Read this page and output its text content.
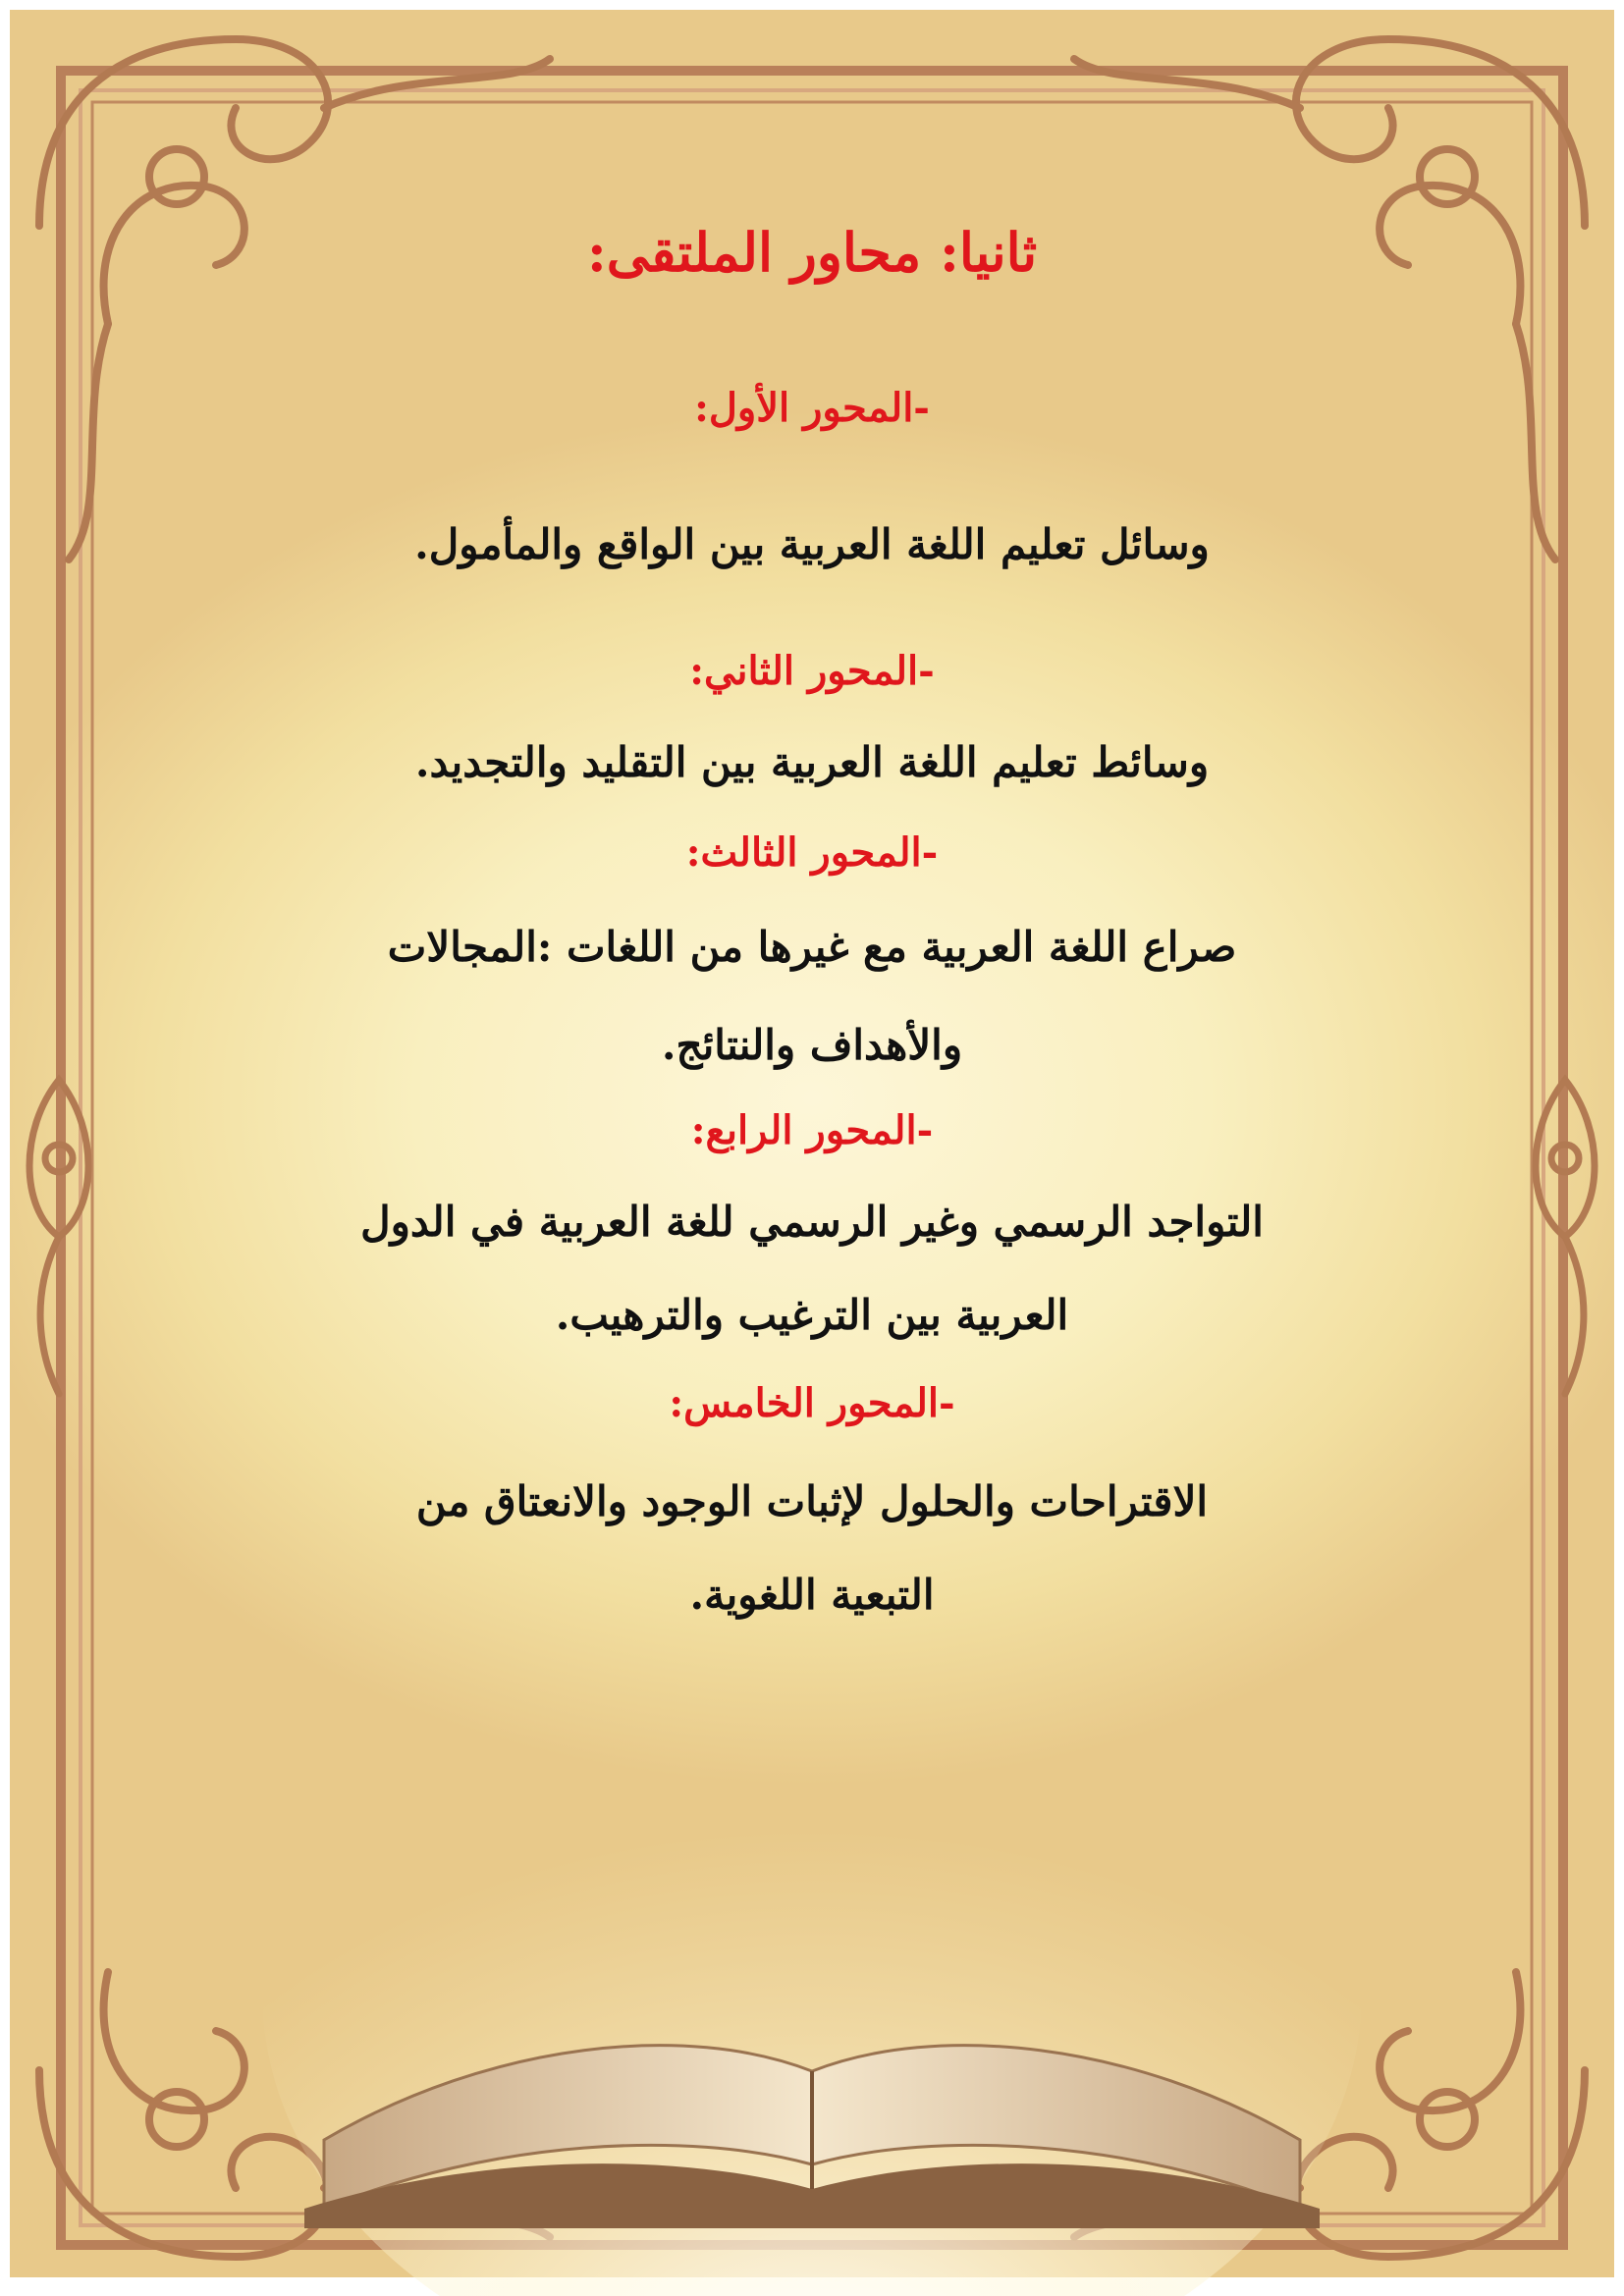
ثانيا: محاور الملتقى:
-المحور الأول:
وسائل تعليم اللغة العربية بين الواقع والمأمول.
-المحور الثاني:
وسائط تعليم اللغة العربية بين التقليد والتجديد.
-المحور الثالث:
صراع اللغة العربية مع غيرها من اللغات :المجالات
والأهداف والنتائج.
-المحور الرابع:
التواجد الرسمي وغير الرسمي للغة العربية في الدول
العربية بين الترغيب والترهيب.
-المحور الخامس:
الاقتراحات والحلول لإثبات الوجود والانعتاق من
التبعية اللغوية.
